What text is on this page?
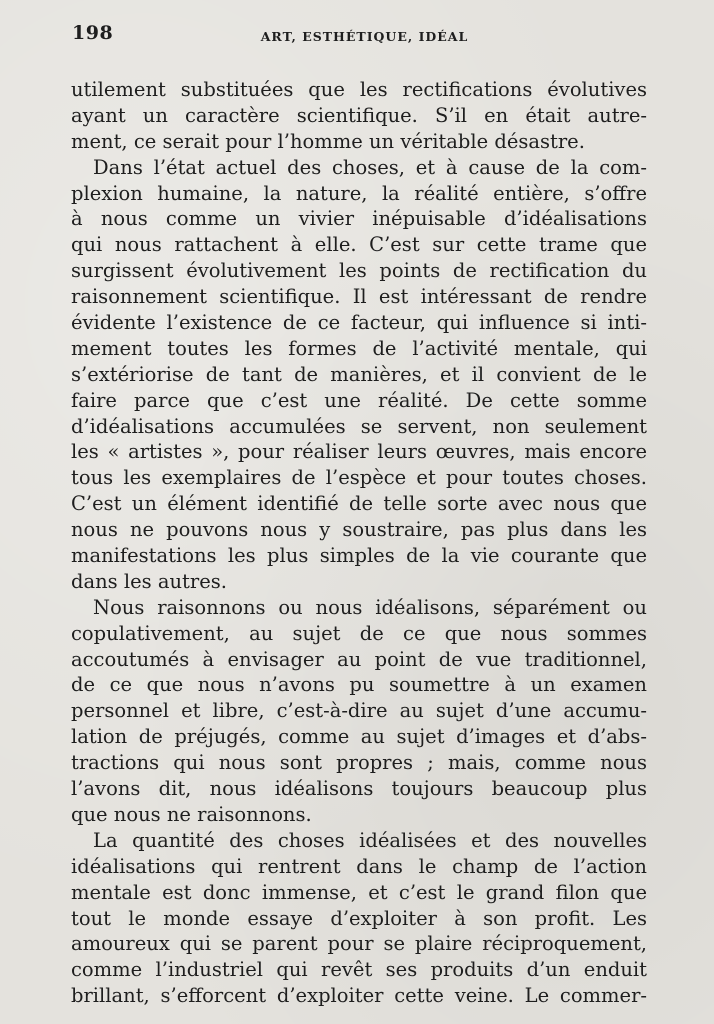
198	ART, ESTHÉTIQUE, IDÉAL
utilement substituées que les rectifications évolutives
ayant un caractère scientifique. S’il en était autre-
ment, ce serait pour l’homme un véritable désastre.
Dans l’état actuel des choses, et à cause de la com-
plexion humaine, la nature, la réalité entière, s’offre
à nous comme un vivier inépuisable d’idéalisations
qui nous rattachent à elle. C’est sur cette trame que
surgissent évolutivement les points de rectification du
raisonnement scientifique. Il est intéressant de rendre
évidente l’existence de ce facteur, qui influence si inti-
mement toutes les formes de l’activité mentale, qui
s’extériorise de tant de manières, et il convient de le
faire parce que c’est une réalité. De cette somme
d’idéalisations accumulées se servent, non seulement
les « artistes », pour réaliser leurs œuvres, mais encore
tous les exemplaires de l’espèce et pour toutes choses.
C’est un élément identifié de telle sorte avec nous que
nous ne pouvons nous y soustraire, pas plus dans les
manifestations les plus simples de la vie courante que
dans les autres.
Nous raisonnons ou nous idéalisons, séparément ou
copulativement, au sujet de ce que nous sommes
accoutumés à envisager au point de vue traditionnel,
de ce que nous n’avons pu soumettre à un examen
personnel et libre, c’est-à-dire au sujet d’une accumu-
lation de préjugés, comme au sujet d’images et d’abs-
tractions qui nous sont propres ; mais, comme nous
l’avons dit, nous idéalisons toujours beaucoup plus
que nous ne raisonnons.
La quantité des choses idéalisées et des nouvelles
idéalisations qui rentrent dans le champ de l’action
mentale est donc immense, et c’est le grand filon que
tout le monde essaye d’exploiter à son profit. Les
amoureux qui se parent pour se plaire réciproquement,
comme l’industriel qui revêt ses produits d’un enduit
brillant, s’efforcent d’exploiter cette veine. Le commer-
